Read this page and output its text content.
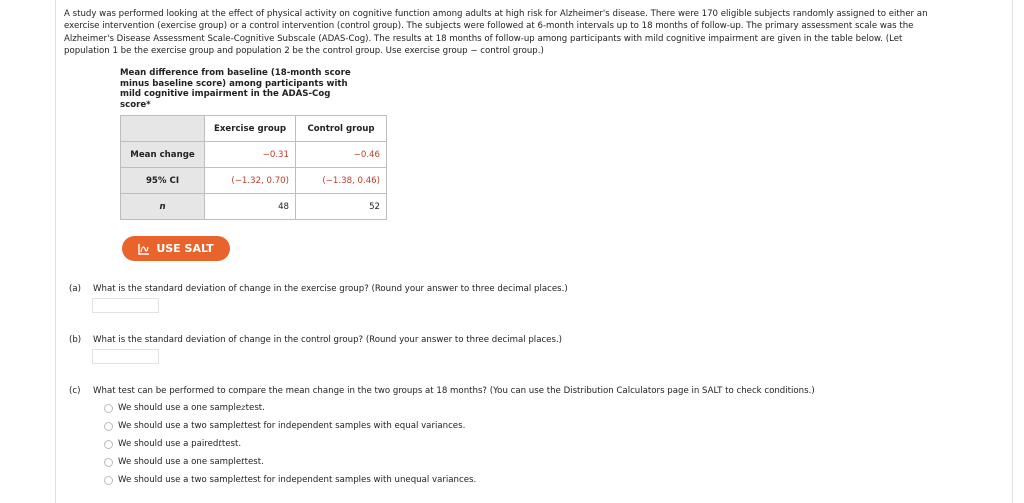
A study was performed looking at the effect of physical activity on cognitive function among adults at high risk for Alzheimer's disease. There were 170 eligible subjects randomly assigned to either an
exercise intervention (exercise group) or a control intervention (control group). The subjects were followed at 6-month intervals up to 18 months of follow-up. The primary assessment scale was the
Alzheimer's Disease Assessment Scale-Cognitive Subscale (ADAS-Cog). The results at 18 months of follow-up among participants with mild cognitive impairment are given in the table below. (Let
population 1 be the exercise group and population 2 be the control group. Use exercise group − control group.)
Mean difference from baseline (18-month score
minus baseline score) among participants with
mild cognitive impairment in the ADAS-Cog
score*
	Exercise group	Control group
Mean change	−0.31	−0.46
95% CI	(−1.32, 0.70)	(−1.38, 0.46)
n	48	52
USE SALT
(a) What is the standard deviation of change in the exercise group? (Round your answer to three decimal places.)
(b) What is the standard deviation of change in the control group? (Round your answer to three decimal places.)
(c) What test can be performed to compare the mean change in the two groups at 18 months? (You can use the Distribution Calculators page in SALT to check conditions.)
We should use a one sample z test.
We should use a two sample t test for independent samples with equal variances.
We should use a paired t test.
We should use a one sample t test.
We should use a two sample t test for independent samples with unequal variances.
